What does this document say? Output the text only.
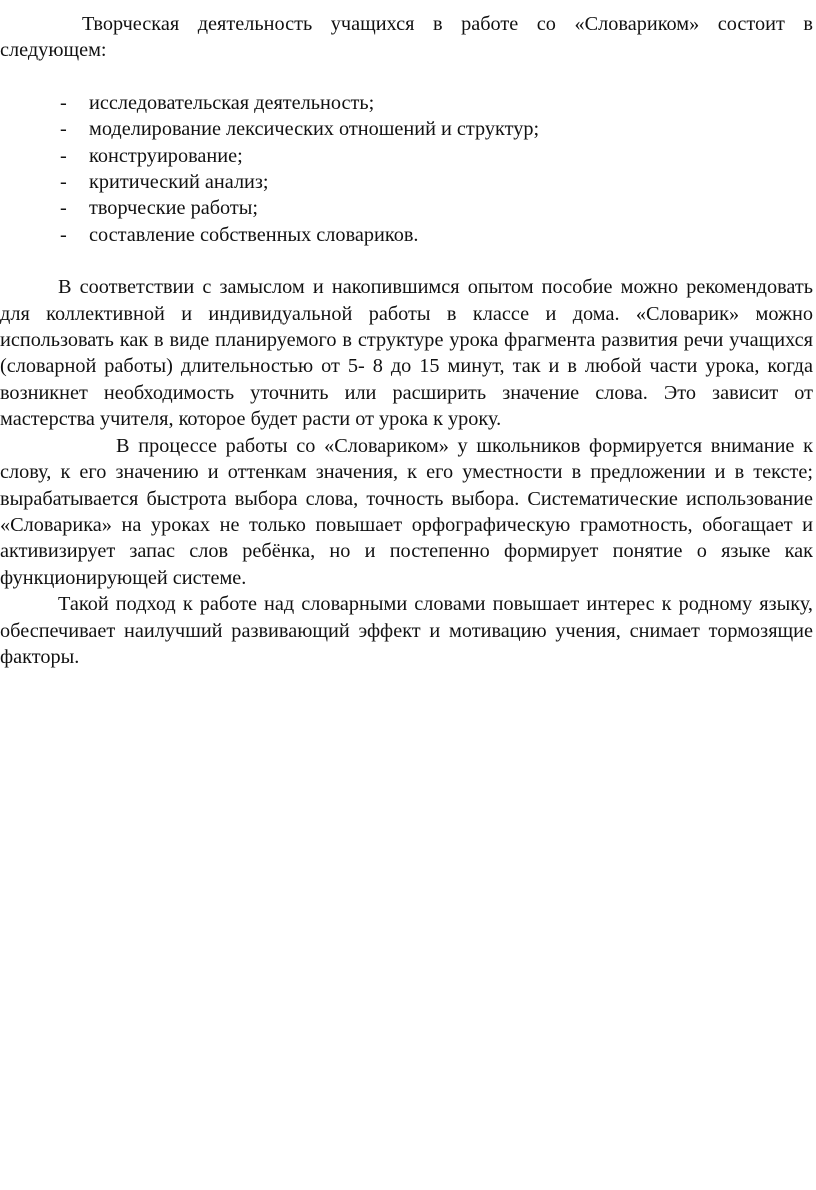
Творческая деятельность учащихся в работе со «Словариком» состоит в следующем:

- исследовательская деятельность;
- моделирование лексических отношений и структур;
- конструирование;
- критический анализ;
- творческие работы;
- составление собственных словариков.

В соответствии с замыслом и накопившимся опытом пособие можно рекомендовать для коллективной и индивидуальной работы в классе и дома. «Словарик» можно использовать как в виде планируемого в структуре урока фрагмента развития речи учащихся (словарной работы) длительностью от 5- 8 до 15 минут, так и в любой части урока, когда возникнет необходимость уточнить или расширить значение слова. Это зависит от мастерства учителя, которое будет расти от урока к уроку.

В процессе работы со «Словариком» у школьников формируется внимание к слову, к его значению и оттенкам значения, к его уместности в предложении и в тексте; вырабатывается быстрота выбора слова, точность выбора. Систематические использование «Словарика» на уроках не только повышает орфографическую грамотность, обогащает и активизирует запас слов ребёнка, но и постепенно формирует понятие о языке как функционирующей системе.

Такой подход к работе над словарными словами повышает интерес к родному языку, обеспечивает наилучший развивающий эффект и мотивацию учения, снимает тормозящие факторы.
